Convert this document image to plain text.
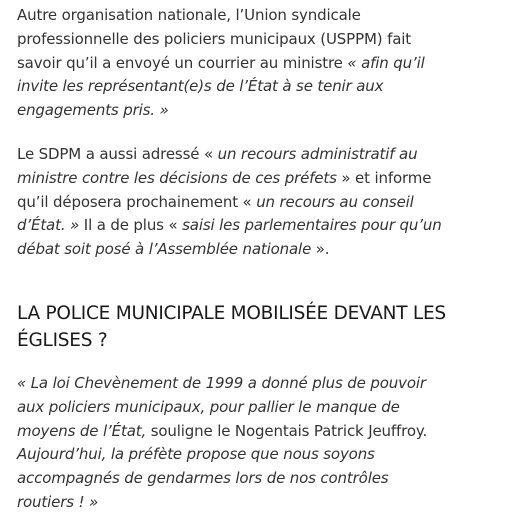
Autre organisation nationale, l’Union syndicale
professionnelle des policiers municipaux (USPPM) fait
savoir qu’il a envoyé un courrier au ministre « afin qu’il
invite les représentant(e)s de l’État à se tenir aux
engagements pris. »

Le SDPM a aussi adressé « un recours administratif au
ministre contre les décisions de ces préfets » et informe
qu’il déposera prochainement « un recours au conseil
d’État. » Il a de plus « saisi les parlementaires pour qu’un
débat soit posé à l’Assemblée nationale ».

LA POLICE MUNICIPALE MOBILISÉE DEVANT LES
ÉGLISES ?

« La loi Chevènement de 1999 a donné plus de pouvoir
aux policiers municipaux, pour pallier le manque de
moyens de l’État, souligne le Nogentais Patrick Jeuffroy.
Aujourd’hui, la préfète propose que nous soyons
accompagnés de gendarmes lors de nos contrôles
routiers ! »
